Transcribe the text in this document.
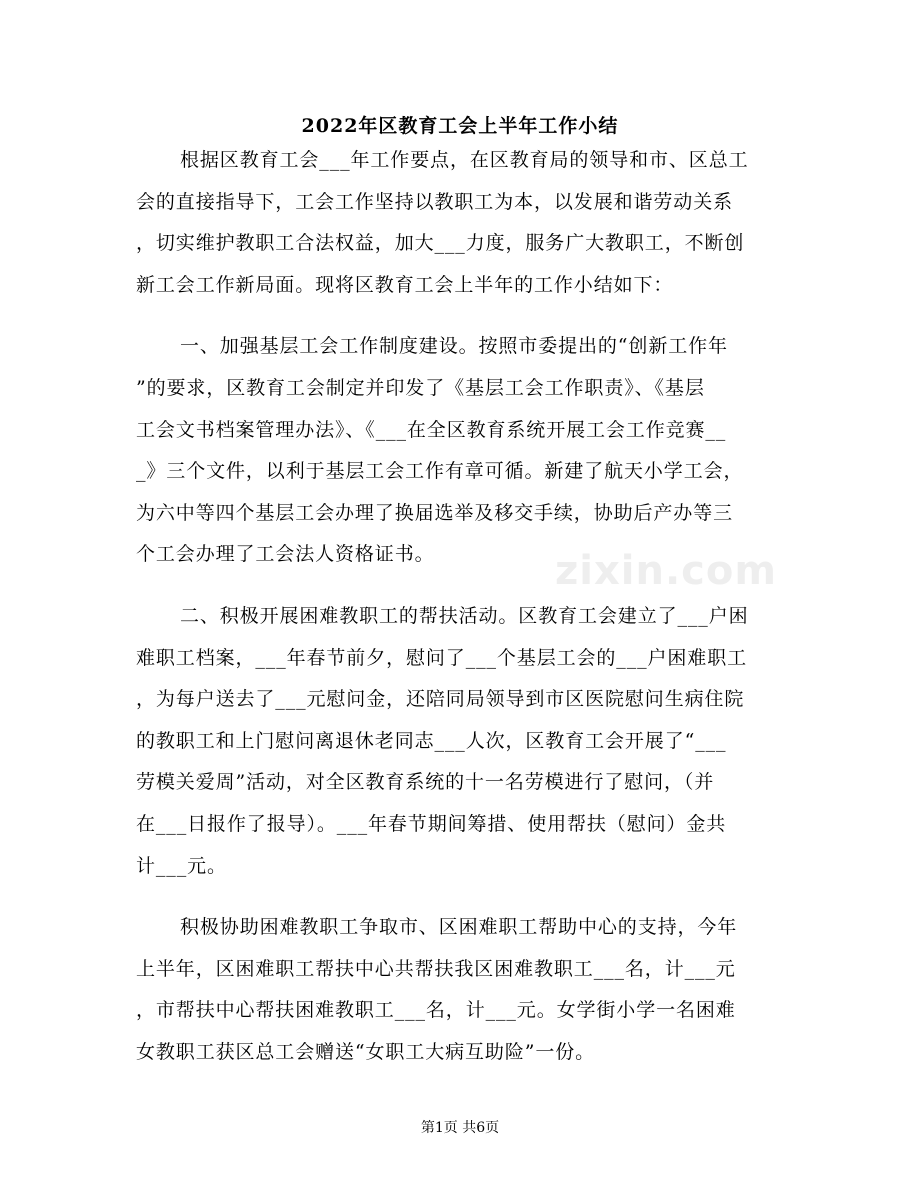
2022年区教育工会上半年工作小结
根据区教育工会___年工作要点，在区教育局的领导和市、区总工
会的直接指导下，工会工作坚持以教职工为本，以发展和谐劳动关系
，切实维护教职工合法权益，加大___力度，服务广大教职工，不断创
新工会工作新局面。现将区教育工会上半年的工作小结如下：
一、加强基层工会工作制度建设。按照市委提出的“创新工作年
”的要求，区教育工会制定并印发了《基层工会工作职责》、《基层
工会文书档案管理办法》、《___在全区教育系统开展工会工作竞赛__
_》三个文件，以利于基层工会工作有章可循。新建了航天小学工会，
为六中等四个基层工会办理了换届选举及移交手续，协助后产办等三
个工会办理了工会法人资格证书。
二、积极开展困难教职工的帮扶活动。区教育工会建立了___户困
难职工档案，___年春节前夕，慰问了___个基层工会的___户困难职工
，为每户送去了___元慰问金，还陪同局领导到市区医院慰问生病住院
的教职工和上门慰问离退休老同志___人次，区教育工会开展了“___
劳模关爱周”活动，对全区教育系统的十一名劳模进行了慰问，（并
在___日报作了报导）。___年春节期间筹措、使用帮扶（慰问）金共
计___元。
积极协助困难教职工争取市、区困难职工帮助中心的支持，今年
上半年，区困难职工帮扶中心共帮扶我区困难教职工___名，计___元
，市帮扶中心帮扶困难教职工___名，计___元。女学街小学一名困难
女教职工获区总工会赠送“女职工大病互助险”一份。
zixin.com
第1页 共6页
